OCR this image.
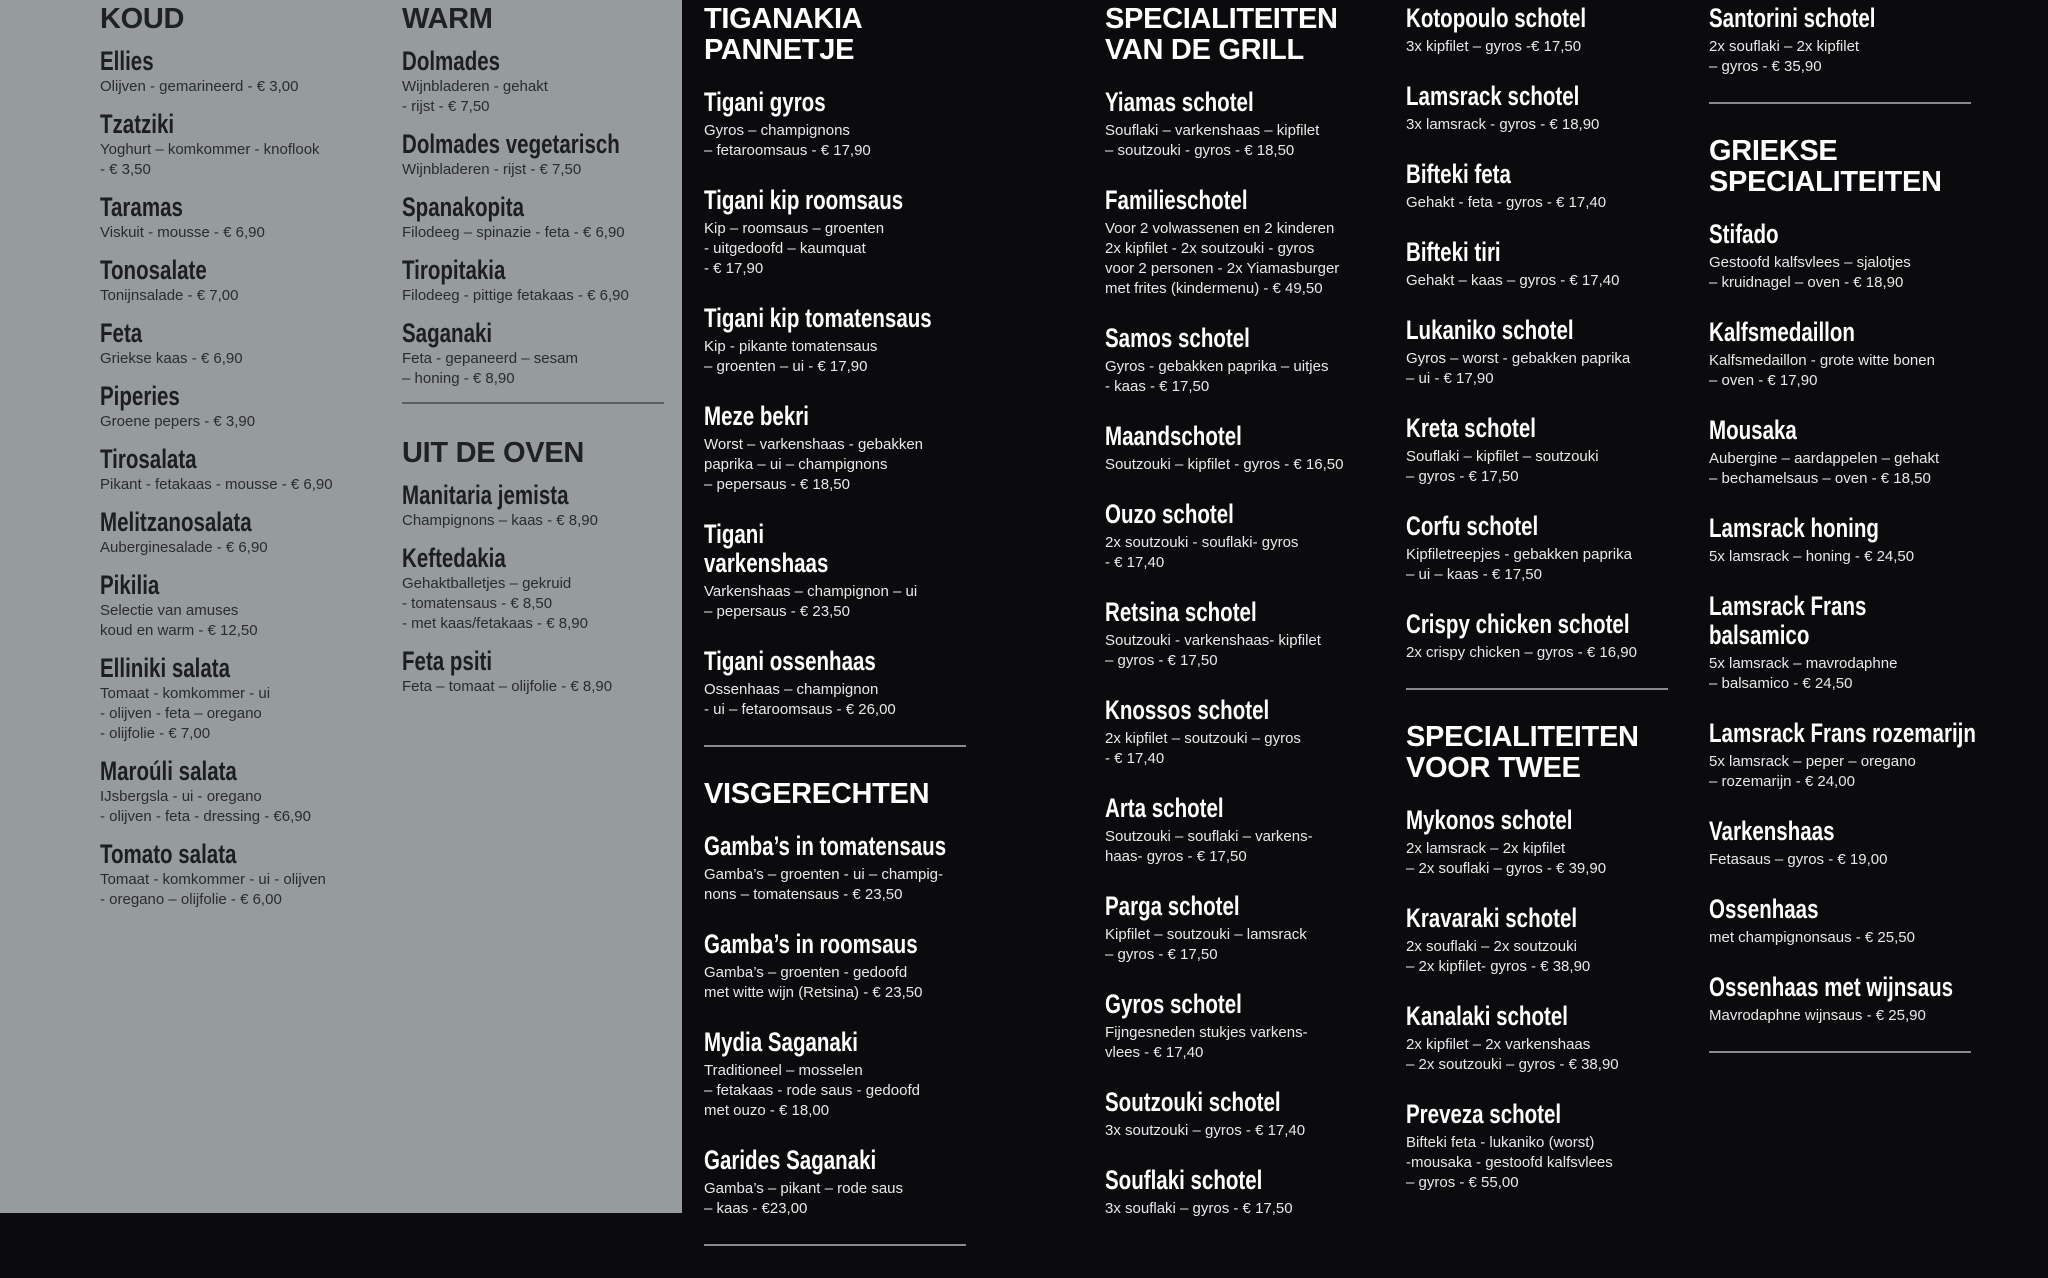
KOUD
Ellies
Olijven - gemarineerd - € 3,00
Tzatziki
Yoghurt – komkommer - knoflook
- € 3,50
Taramas
Viskuit - mousse - € 6,90
Tonosalate
Tonijnsalade - € 7,00
Feta
Griekse kaas - € 6,90
Piperies
Groene pepers - € 3,90
Tirosalata
Pikant - fetakaas - mousse - € 6,90
Melitzanosalata
Auberginesalade - € 6,90
Pikilia
Selectie van amuses
koud en warm - € 12,50
Elliniki salata
Tomaat - komkommer - ui
- olijven - feta – oregano
- olijfolie - € 7,00
Maroúli salata
IJsbergsla - ui - oregano
- olijven - feta - dressing - €6,90
Tomato salata
Tomaat - komkommer - ui - olijven
- oregano – olijfolie - € 6,00
WARM
Dolmades
Wijnbladeren - gehakt
- rijst - € 7,50
Dolmades vegetarisch
Wijnbladeren - rijst - € 7,50
Spanakopita
Filodeeg – spinazie - feta - € 6,90
Tiropitakia
Filodeeg - pittige fetakaas - € 6,90
Saganaki
Feta - gepaneerd – sesam
– honing - € 8,90
UIT DE OVEN
Manitaria jemista
Champignons – kaas - € 8,90
Keftedakia
Gehaktballetjes – gekruid
- tomatensaus - € 8,50
- met kaas/fetakaas - € 8,90
Feta psiti
Feta – tomaat – olijfolie - € 8,90
TIGANAKIA
PANNETJE
Tigani gyros
Gyros – champignons
– fetaroomsaus - € 17,90
Tigani kip roomsaus
Kip – roomsaus – groenten
- uitgedoofd – kaumquat
- € 17,90
Tigani kip tomatensaus
Kip - pikante tomatensaus
– groenten – ui - € 17,90
Meze bekri
Worst – varkenshaas - gebakken
paprika – ui – champignons
– pepersaus - € 18,50
Tigani
varkenshaas
Varkenshaas – champignon – ui
– pepersaus - € 23,50
Tigani ossenhaas
Ossenhaas – champignon
- ui – fetaroomsaus - € 26,00
VISGERECHTEN
Gamba’s in tomatensaus
Gamba’s – groenten - ui – champig-
nons – tomatensaus - € 23,50
Gamba’s in roomsaus
Gamba’s – groenten - gedoofd
met witte wijn (Retsina) - € 23,50
Mydia Saganaki
Traditioneel – mosselen
– fetakaas - rode saus - gedoofd
met ouzo - € 18,00
Garides Saganaki
Gamba’s – pikant – rode saus
– kaas - €23,00
SPECIALITEITEN
VAN DE GRILL
Yiamas schotel
Souflaki – varkenshaas – kipfilet
– soutzouki - gyros - € 18,50
Familieschotel
Voor 2 volwassenen en 2 kinderen
2x kipfilet - 2x soutzouki - gyros
voor 2 personen - 2x Yiamasburger
met frites (kindermenu) - € 49,50
Samos schotel
Gyros - gebakken paprika – uitjes
- kaas - € 17,50
Maandschotel
Soutzouki – kipfilet - gyros - € 16,50
Ouzo schotel
2x soutzouki - souflaki- gyros
- € 17,40
Retsina schotel
Soutzouki - varkenshaas- kipfilet
– gyros - € 17,50
Knossos schotel
2x kipfilet – soutzouki – gyros
- € 17,40
Arta schotel
Soutzouki – souflaki – varkens-
haas- gyros - € 17,50
Parga schotel
Kipfilet – soutzouki – lamsrack
– gyros - € 17,50
Gyros schotel
Fijngesneden stukjes varkens-
vlees - € 17,40
Soutzouki schotel
3x soutzouki – gyros - € 17,40
Souflaki schotel
3x souflaki – gyros - € 17,50
Kotopoulo schotel
3x kipfilet – gyros -€ 17,50
Lamsrack schotel
3x lamsrack - gyros - € 18,90
Bifteki feta
Gehakt - feta - gyros - € 17,40
Bifteki tiri
Gehakt – kaas – gyros - € 17,40
Lukaniko schotel
Gyros – worst - gebakken paprika
– ui - € 17,90
Kreta schotel
Souflaki – kipfilet – soutzouki
– gyros - € 17,50
Corfu schotel
Kipfiletreepjes - gebakken paprika
– ui – kaas - € 17,50
Crispy chicken schotel
2x crispy chicken – gyros - € 16,90
SPECIALITEITEN
VOOR TWEE
Mykonos schotel
2x lamsrack – 2x kipfilet
– 2x souflaki – gyros - € 39,90
Kravaraki schotel
2x souflaki – 2x soutzouki
– 2x kipfilet- gyros - € 38,90
Kanalaki schotel
2x kipfilet – 2x varkenshaas
– 2x soutzouki – gyros - € 38,90
Preveza schotel
Bifteki feta - lukaniko (worst)
-mousaka - gestoofd kalfsvlees
– gyros - € 55,00
Santorini schotel
2x souflaki – 2x kipfilet
– gyros - € 35,90
GRIEKSE
SPECIALITEITEN
Stifado
Gestoofd kalfsvlees – sjalotjes
– kruidnagel – oven - € 18,90
Kalfsmedaillon
Kalfsmedaillon - grote witte bonen
– oven - € 17,90
Mousaka
Aubergine – aardappelen – gehakt
– bechamelsaus – oven - € 18,50
Lamsrack honing
5x lamsrack – honing - € 24,50
Lamsrack Frans
balsamico
5x lamsrack – mavrodaphne
– balsamico - € 24,50
Lamsrack Frans rozemarijn
5x lamsrack – peper – oregano
– rozemarijn - € 24,00
Varkenshaas
Fetasaus – gyros - € 19,00
Ossenhaas
met champignonsaus - € 25,50
Ossenhaas met wijnsaus
Mavrodaphne wijnsaus - € 25,90
